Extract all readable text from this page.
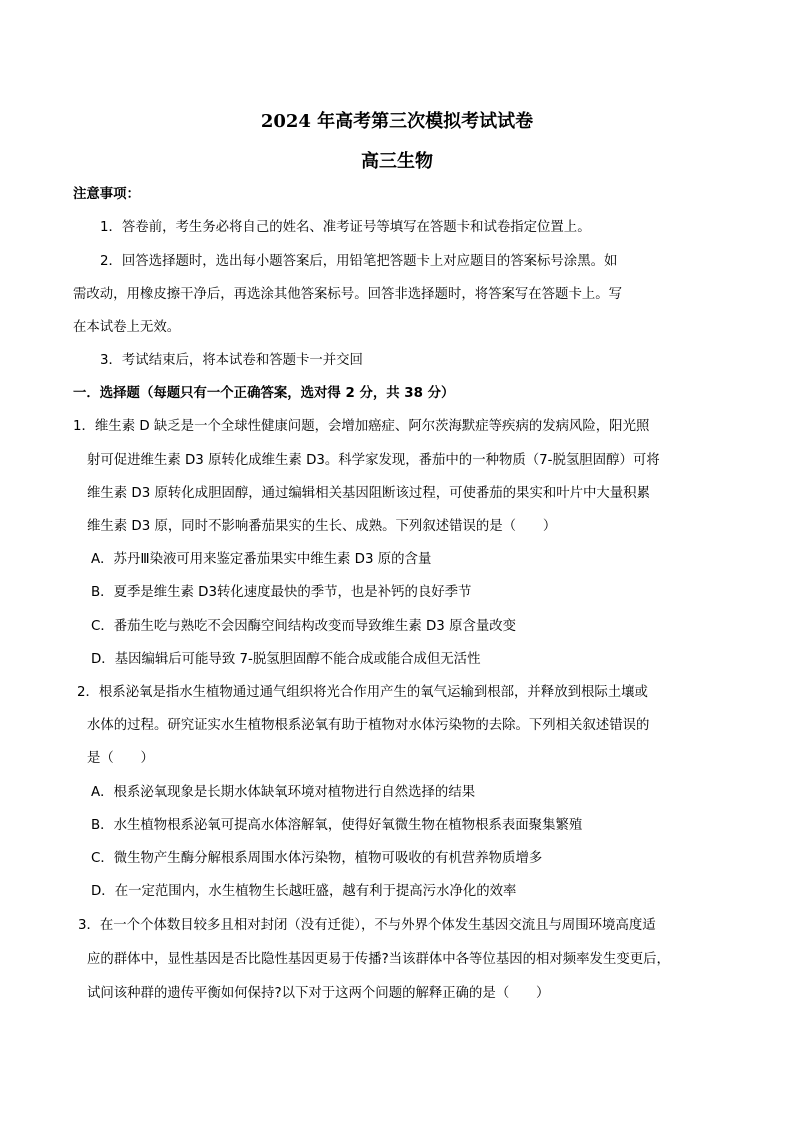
2024 年高考第三次模拟考试试卷
高三生物
注意事项：
1．答卷前，考生务必将自己的姓名、准考证号等填写在答题卡和试卷指定位置上。
2．回答选择题时，选出每小题答案后，用铅笔把答题卡上对应题目的答案标号涂黑。如
需改动，用橡皮擦干净后，再选涂其他答案标号。回答非选择题时，将答案写在答题卡上。写
在本试卷上无效。
3．考试结束后，将本试卷和答题卡一并交回
一．选择题（每题只有一个正确答案，选对得 2 分，共 38 分）
1．维生素 D 缺乏是一个全球性健康问题，会增加癌症、阿尔茨海默症等疾病的发病风险，阳光照
射可促进维生素 D3 原转化成维生素 D3。科学家发现，番茄中的一种物质（7-脱氢胆固醇）可将
维生素 D3 原转化成胆固醇，通过编辑相关基因阻断该过程，可使番茄的果实和叶片中大量积累
维生素 D3 原，同时不影响番茄果实的生长、成熟。下列叙述错误的是（　　）
A．苏丹Ⅲ染液可用来鉴定番茄果实中维生素 D3 原的含量
B．夏季是维生素 D3转化速度最快的季节，也是补钙的良好季节
C．番茄生吃与熟吃不会因酶空间结构改变而导致维生素 D3 原含量改变
D．基因编辑后可能导致 7-脱氢胆固醇不能合成或能合成但无活性
2．根系泌氧是指水生植物通过通气组织将光合作用产生的氧气运输到根部，并释放到根际土壤或
水体的过程。研究证实水生植物根系泌氧有助于植物对水体污染物的去除。下列相关叙述错误的
是（　　）
A．根系泌氧现象是长期水体缺氧环境对植物进行自然选择的结果
B．水生植物根系泌氧可提高水体溶解氧，使得好氧微生物在植物根系表面聚集繁殖
C．微生物产生酶分解根系周围水体污染物，植物可吸收的有机营养物质增多
D．在一定范围内，水生植物生长越旺盛，越有利于提高污水净化的效率
3．在一个个体数目较多且相对封闭（没有迁徙），不与外界个体发生基因交流且与周围环境高度适
应的群体中，显性基因是否比隐性基因更易于传播?当该群体中各等位基因的相对频率发生变更后，
试问该种群的遗传平衡如何保持?以下对于这两个问题的解释正确的是（　　）
